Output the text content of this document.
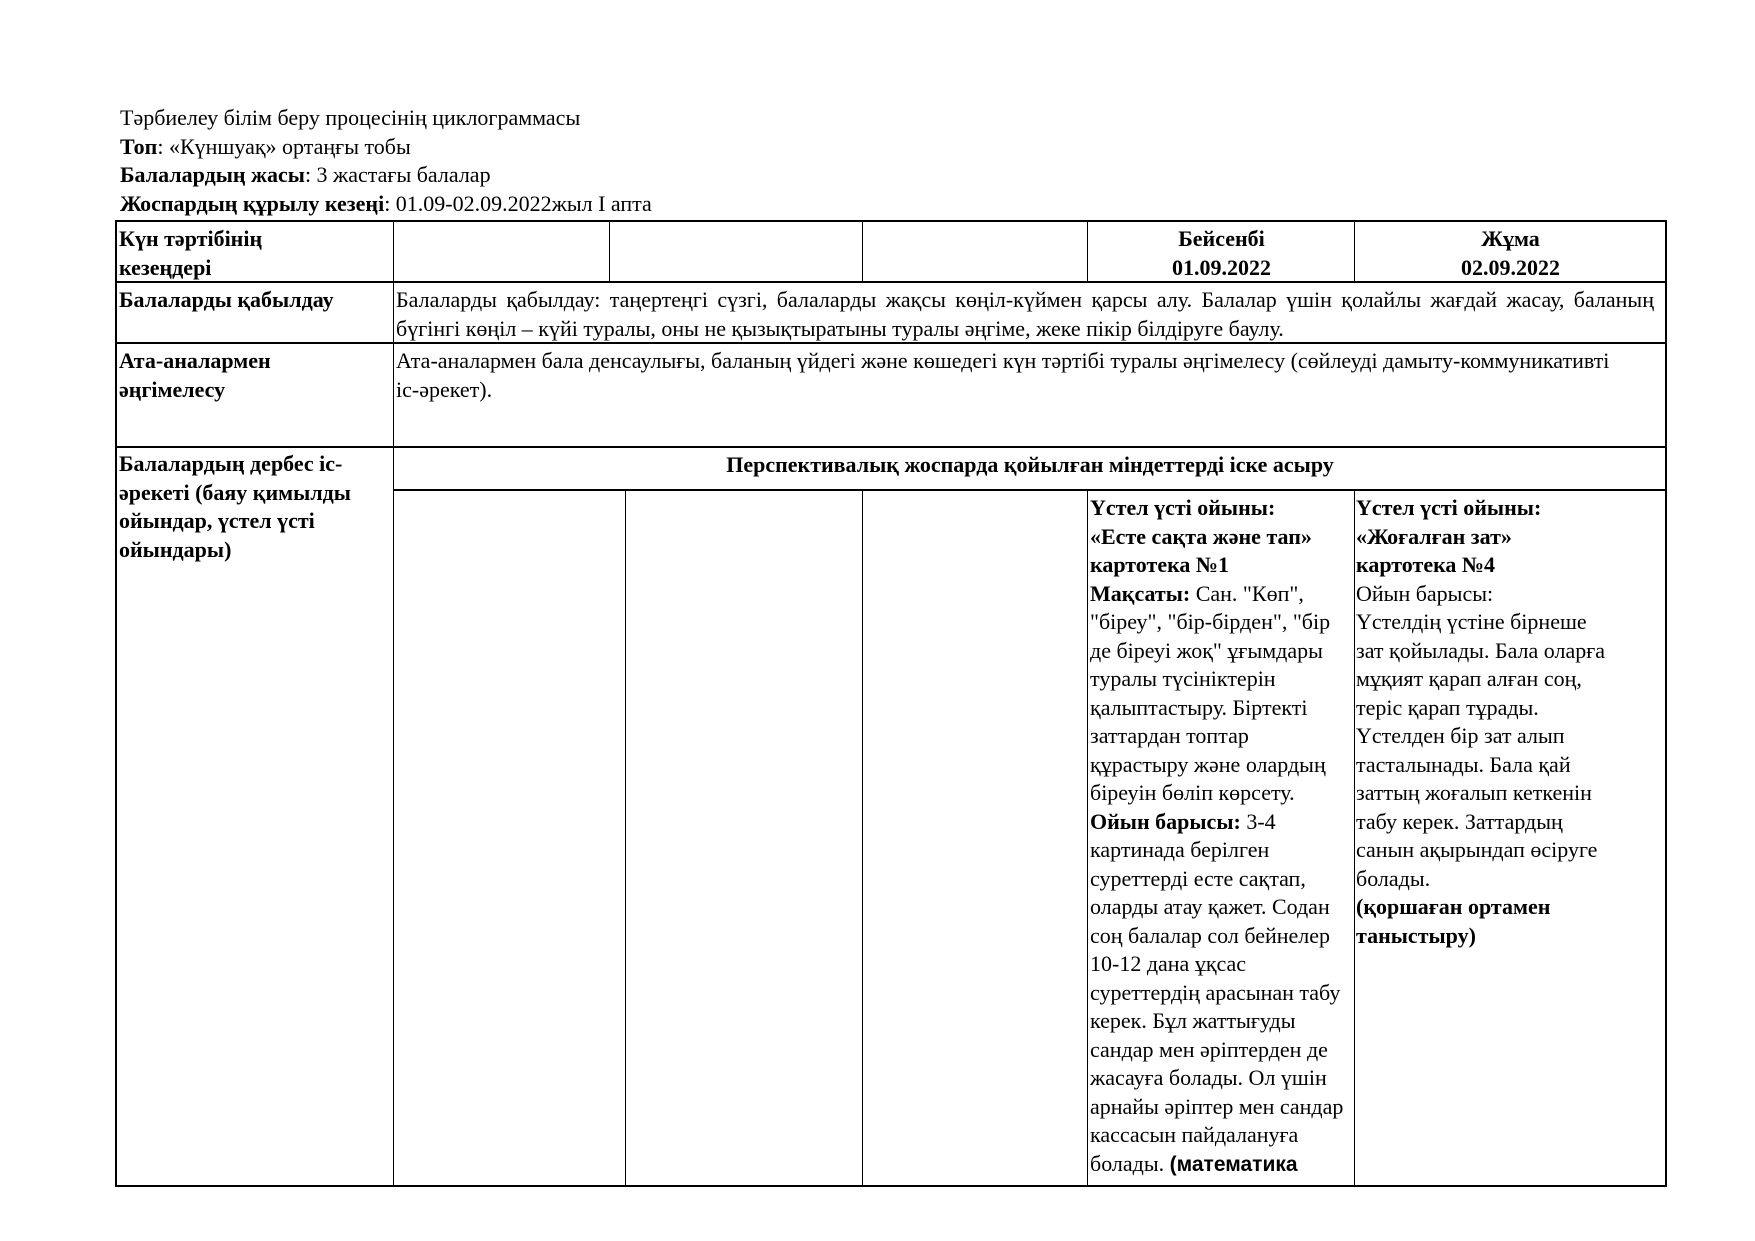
Тәрбиелеу білім беру процесінің циклограммасы
Топ: «Күншуақ» ортаңғы тобы
Балалардың жасы: 3 жастағы балалар
Жоспардың құрылу кезеңі: 01.09-02.09.2022жыл І апта
Күн тәртібінің
кезеңдері
Бейсенбі
01.09.2022
Жұма
02.09.2022
Балаларды қабылдау	Балаларды қабылдау: таңертеңгі сүзгі, балаларды жақсы көңіл-күймен қарсы алу. Балалар үшін қолайлы жағдай жасау, баланың бүгінгі көңіл – күйі туралы, оны не қызықтыратыны туралы әңгіме, жеке пікір білдіруге баулу.
Ата-аналармен әңгімелесу
Ата-аналармен бала денсаулығы, баланың үйдегі және көшедегі күн тәртібі туралы әңгімелесу (сөйлеуді дамыту-коммуникативті іс-әрекет).
Балалардың дербес іс-әрекеті (баяу қимылды ойындар, үстел үсті ойындары)
Перспективалық жоспарда қойылған міндеттерді іске асыру
Үстел үсті ойыны:
«Есте сақта және тап»
картотека №1
Мақсаты: Сан. "Көп",
"біреу", "бір-бірден", "бір
де біреуі жоқ" ұғымдары
туралы түсініктерін
қалыптастыру. Біртекті
заттардан топтар
құрастыру және олардың
біреуін бөліп көрсету.
Ойын барысы: 3-4
картинада берілген
суреттерді есте сақтап,
оларды атау қажет. Содан
соң балалар сол бейнелер
10-12 дана ұқсас
суреттердің арасынан табу
керек. Бұл жаттығуды
сандар мен әріптерден де
жасауға болады. Ол үшін
арнайы әріптер мен сандар
кассасын пайдалануға
болады. (математика
Үстел үсті ойыны:
«Жоғалған зат»
картотека №4
Ойын барысы:
Үстелдің үстіне бірнеше
зат қойылады. Бала оларға
мұқият қарап алған соң,
теріс қарап тұрады.
Үстелден бір зат алып
тасталынады. Бала қай
заттың жоғалып кеткенін
табу керек. Заттардың
санын ақырындап өсіруге
болады.
(қоршаған ортамен
таныстыру)
